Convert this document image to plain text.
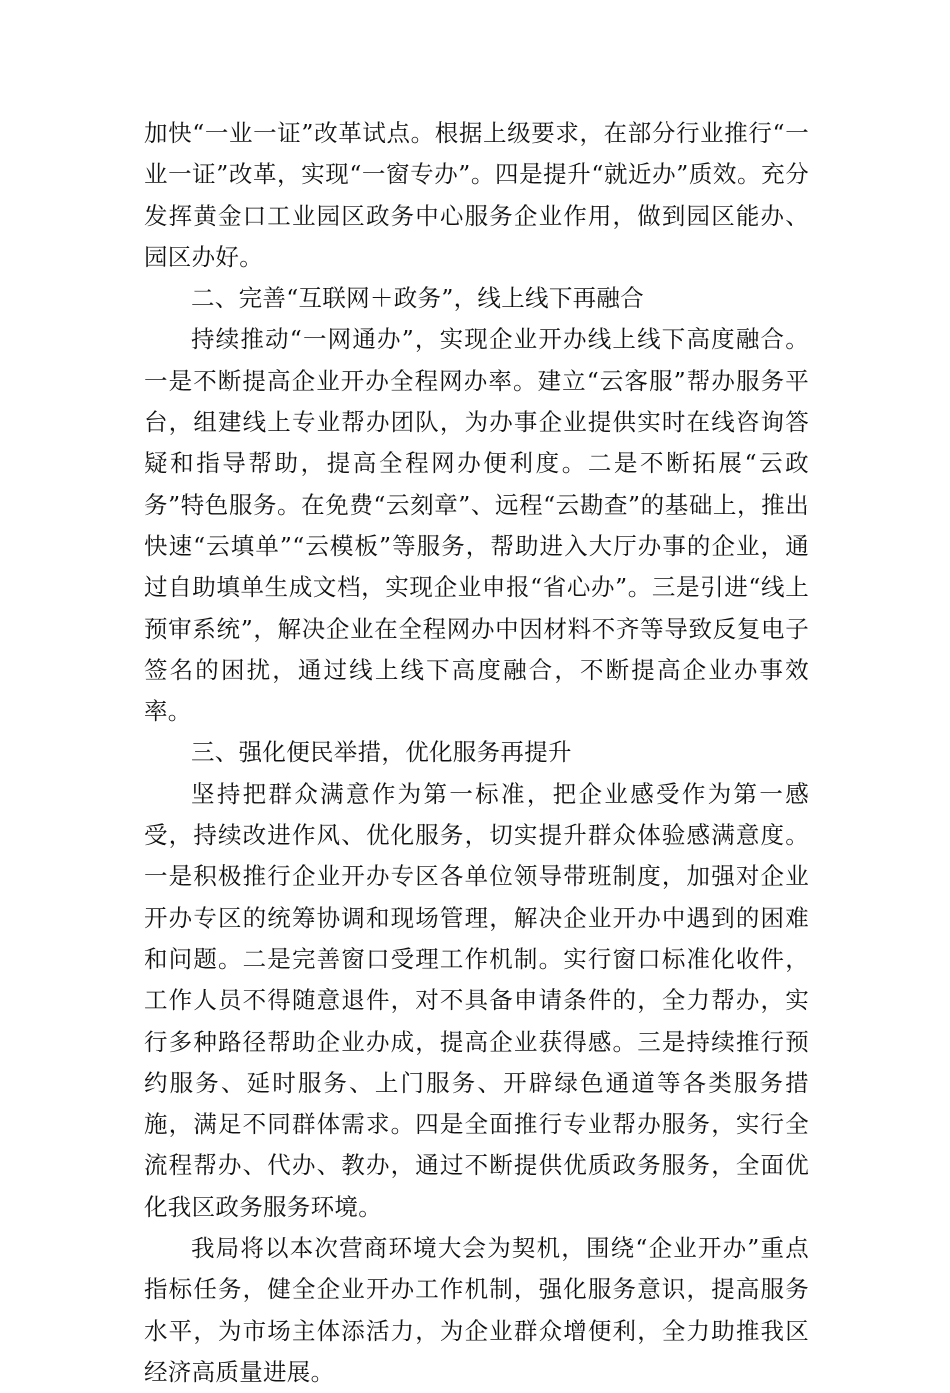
加快“一业一证”改革试点。根据上级要求，在部分行业推行“一业一证”改革，实现“一窗专办”。四是提升“就近办”质效。充分发挥黄金口工业园区政务中心服务企业作用，做到园区能办、园区办好。

二、完善“互联网＋政务”，线上线下再融合

持续推动“一网通办”，实现企业开办线上线下高度融合。一是不断提高企业开办全程网办率。建立“云客服”帮办服务平台，组建线上专业帮办团队，为办事企业提供实时在线咨询答疑和指导帮助，提高全程网办便利度。二是不断拓展“云政务”特色服务。在免费“云刻章”、远程“云勘查”的基础上，推出快速“云填单”“云模板”等服务，帮助进入大厅办事的企业，通过自助填单生成文档，实现企业申报“省心办”。三是引进“线上预审系统”，解决企业在全程网办中因材料不齐等导致反复电子签名的困扰，通过线上线下高度融合，不断提高企业办事效率。

三、强化便民举措，优化服务再提升

坚持把群众满意作为第一标准，把企业感受作为第一感受，持续改进作风、优化服务，切实提升群众体验感满意度。一是积极推行企业开办专区各单位领导带班制度，加强对企业开办专区的统筹协调和现场管理，解决企业开办中遇到的困难和问题。二是完善窗口受理工作机制。实行窗口标准化收件，工作人员不得随意退件，对不具备申请条件的，全力帮办，实行多种路径帮助企业办成，提高企业获得感。三是持续推行预约服务、延时服务、上门服务、开辟绿色通道等各类服务措施，满足不同群体需求。四是全面推行专业帮办服务，实行全流程帮办、代办、教办，通过不断提供优质政务服务，全面优化我区政务服务环境。

我局将以本次营商环境大会为契机，围绕“企业开办”重点指标任务，健全企业开办工作机制，强化服务意识，提高服务水平，为市场主体添活力，为企业群众增便利，全力助推我区经济高质量进展。
